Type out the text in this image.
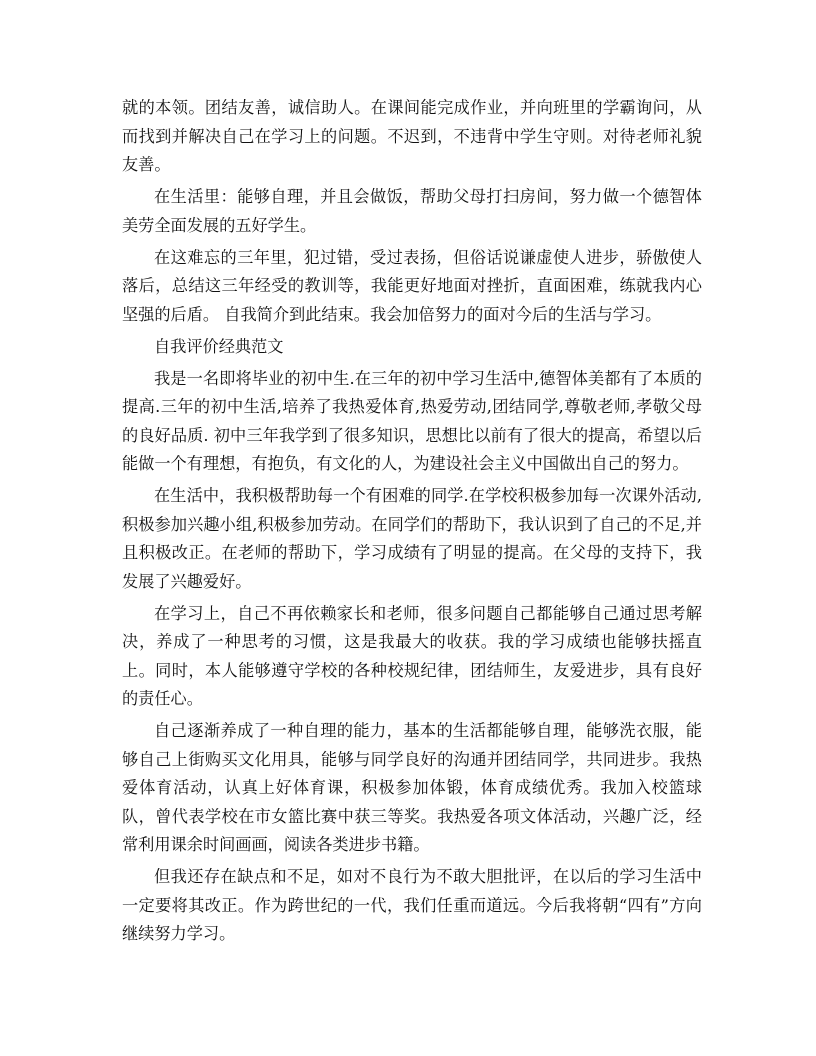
就的本领。团结友善，诚信助人。在课间能完成作业，并向班里的学霸询问，从而找到并解决自己在学习上的问题。不迟到，不违背中学生守则。对待老师礼貌友善。

在生活里：能够自理，并且会做饭，帮助父母打扫房间，努力做一个德智体美劳全面发展的五好学生。

在这难忘的三年里，犯过错，受过表扬，但俗话说谦虚使人进步，骄傲使人落后，总结这三年经受的教训等，我能更好地面对挫折，直面困难，练就我内心坚强的后盾。 自我简介到此结束。我会加倍努力的面对今后的生活与学习。

自我评价经典范文

我是一名即将毕业的初中生.在三年的初中学习生活中,德智体美都有了本质的提高.三年的初中生活,培养了我热爱体育,热爱劳动,团结同学,尊敬老师,孝敬父母的良好品质. 初中三年我学到了很多知识，思想比以前有了很大的提高，希望以后能做一个有理想，有抱负，有文化的人，为建设社会主义中国做出自己的努力。

在生活中，我积极帮助每一个有困难的同学.在学校积极参加每一次课外活动,积极参加兴趣小组,积极参加劳动。在同学们的帮助下，我认识到了自己的不足,并且积极改正。在老师的帮助下，学习成绩有了明显的提高。在父母的支持下，我发展了兴趣爱好。

在学习上，自己不再依赖家长和老师，很多问题自己都能够自己通过思考解决，养成了一种思考的习惯，这是我最大的收获。我的学习成绩也能够扶摇直上。同时，本人能够遵守学校的各种校规纪律，团结师生，友爱进步，具有良好的责任心。

自己逐渐养成了一种自理的能力，基本的生活都能够自理，能够洗衣服，能够自己上街购买文化用具，能够与同学良好的沟通并团结同学，共同进步。我热爱体育活动，认真上好体育课，积极参加体锻，体育成绩优秀。我加入校篮球队，曾代表学校在市女篮比赛中获三等奖。我热爱各项文体活动，兴趣广泛，经常利用课余时间画画，阅读各类进步书籍。

但我还存在缺点和不足，如对不良行为不敢大胆批评，在以后的学习生活中一定要将其改正。作为跨世纪的一代，我们任重而道远。今后我将朝“四有”方向继续努力学习。
